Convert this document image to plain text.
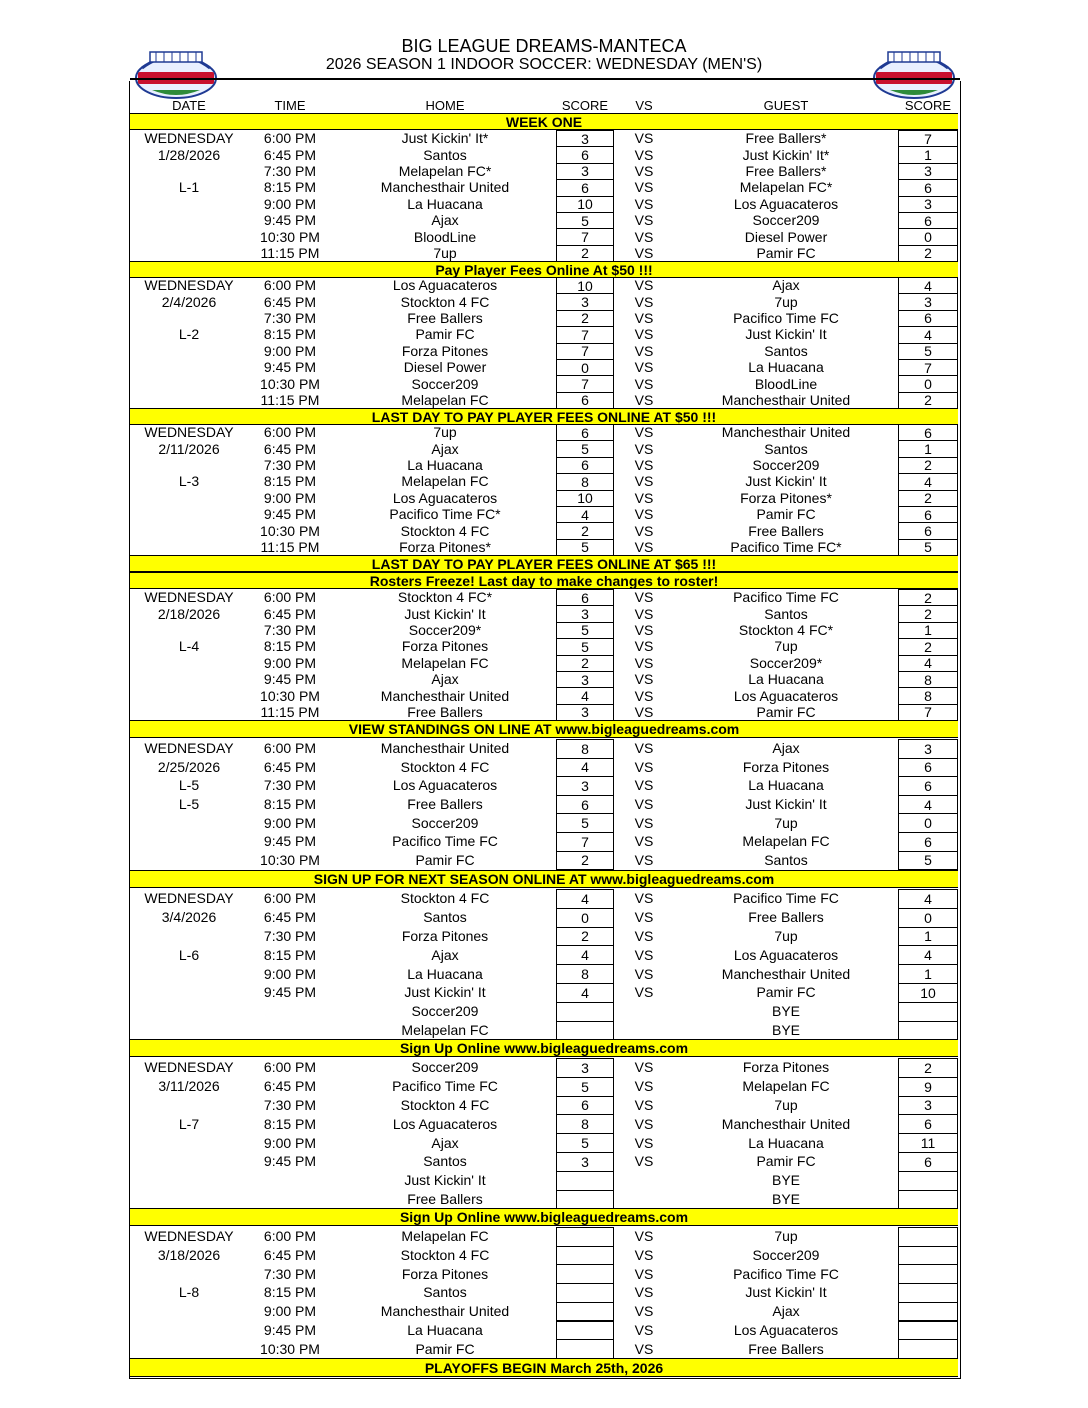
BIG LEAGUE DREAMS-MANTECA
2026 SEASON 1 INDOOR SOCCER: WEDNESDAY (MEN'S)
DATE	TIME	HOME	SCORE	VS	GUEST	SCORE
WEEK ONE
WEDNESDAY	6:00 PM	Just Kickin' It*	3	VS	Free Ballers*	7
1/28/2026	6:45 PM	Santos	6	VS	Just Kickin' It*	1
7:30 PM	Melapelan FC*	3	VS	Free Ballers*	3
L-1	8:15 PM	Manchesthair United	6	VS	Melapelan FC*	6
9:00 PM	La Huacana	10	VS	Los Aguacateros	3
9:45 PM	Ajax	5	VS	Soccer209	6
10:30 PM	BloodLine	7	VS	Diesel Power	0
11:15 PM	7up	2	VS	Pamir FC	2
Pay Player Fees Online At $50 !!!
WEDNESDAY	6:00 PM	Los Aguacateros	10	VS	Ajax	4
2/4/2026	6:45 PM	Stockton 4 FC	3	VS	7up	3
7:30 PM	Free Ballers	2	VS	Pacifico Time FC	6
L-2	8:15 PM	Pamir FC	7	VS	Just Kickin' It	4
9:00 PM	Forza Pitones	7	VS	Santos	5
9:45 PM	Diesel Power	0	VS	La Huacana	7
10:30 PM	Soccer209	7	VS	BloodLine	0
11:15 PM	Melapelan FC	6	VS	Manchesthair United	2
LAST DAY TO PAY PLAYER FEES ONLINE AT $50 !!!
WEDNESDAY	6:00 PM	7up	6	VS	Manchesthair United	6
2/11/2026	6:45 PM	Ajax	5	VS	Santos	1
7:30 PM	La Huacana	6	VS	Soccer209	2
L-3	8:15 PM	Melapelan FC	8	VS	Just Kickin' It	4
9:00 PM	Los Aguacateros	10	VS	Forza Pitones*	2
9:45 PM	Pacifico Time FC*	4	VS	Pamir FC	6
10:30 PM	Stockton 4 FC	2	VS	Free Ballers	6
11:15 PM	Forza Pitones*	5	VS	Pacifico Time FC*	5
LAST DAY TO PAY PLAYER FEES ONLINE AT $65 !!!
Rosters Freeze! Last day to make changes to roster!
WEDNESDAY	6:00 PM	Stockton 4 FC*	6	VS	Pacifico Time FC	2
2/18/2026	6:45 PM	Just Kickin' It	3	VS	Santos	2
7:30 PM	Soccer209*	5	VS	Stockton 4 FC*	1
L-4	8:15 PM	Forza Pitones	5	VS	7up	2
9:00 PM	Melapelan FC	2	VS	Soccer209*	4
9:45 PM	Ajax	3	VS	La Huacana	8
10:30 PM	Manchesthair United	4	VS	Los Aguacateros	8
11:15 PM	Free Ballers	3	VS	Pamir FC	7
VIEW STANDINGS ON LINE AT www.bigleaguedreams.com
WEDNESDAY	6:00 PM	Manchesthair United	8	VS	Ajax	3
2/25/2026	6:45 PM	Stockton 4 FC	4	VS	Forza Pitones	6
L-5	7:30 PM	Los Aguacateros	3	VS	La Huacana	6
L-5	8:15 PM	Free Ballers	6	VS	Just Kickin' It	4
9:00 PM	Soccer209	5	VS	7up	0
9:45 PM	Pacifico Time FC	7	VS	Melapelan FC	6
10:30 PM	Pamir FC	2	VS	Santos	5
SIGN UP FOR NEXT SEASON ONLINE AT www.bigleaguedreams.com
WEDNESDAY	6:00 PM	Stockton 4 FC	4	VS	Pacifico Time FC	4
3/4/2026	6:45 PM	Santos	0	VS	Free Ballers	0
7:30 PM	Forza Pitones	2	VS	7up	1
L-6	8:15 PM	Ajax	4	VS	Los Aguacateros	4
9:00 PM	La Huacana	8	VS	Manchesthair United	1
9:45 PM	Just Kickin' It	4	VS	Pamir FC	10
Soccer209	BYE
Melapelan FC	BYE
Sign Up Online www.bigleaguedreams.com
WEDNESDAY	6:00 PM	Soccer209	3	VS	Forza Pitones	2
3/11/2026	6:45 PM	Pacifico Time FC	5	VS	Melapelan FC	9
7:30 PM	Stockton 4 FC	6	VS	7up	3
L-7	8:15 PM	Los Aguacateros	8	VS	Manchesthair United	6
9:00 PM	Ajax	5	VS	La Huacana	11
9:45 PM	Santos	3	VS	Pamir FC	6
Just Kickin' It	BYE
Free Ballers	BYE
Sign Up Online www.bigleaguedreams.com
WEDNESDAY	6:00 PM	Melapelan FC	VS	7up
3/18/2026	6:45 PM	Stockton 4 FC	VS	Soccer209
7:30 PM	Forza Pitones	VS	Pacifico Time FC
L-8	8:15 PM	Santos	VS	Just Kickin' It
9:00 PM	Manchesthair United	VS	Ajax
9:45 PM	La Huacana	VS	Los Aguacateros
10:30 PM	Pamir FC	VS	Free Ballers
PLAYOFFS BEGIN March 25th, 2026
